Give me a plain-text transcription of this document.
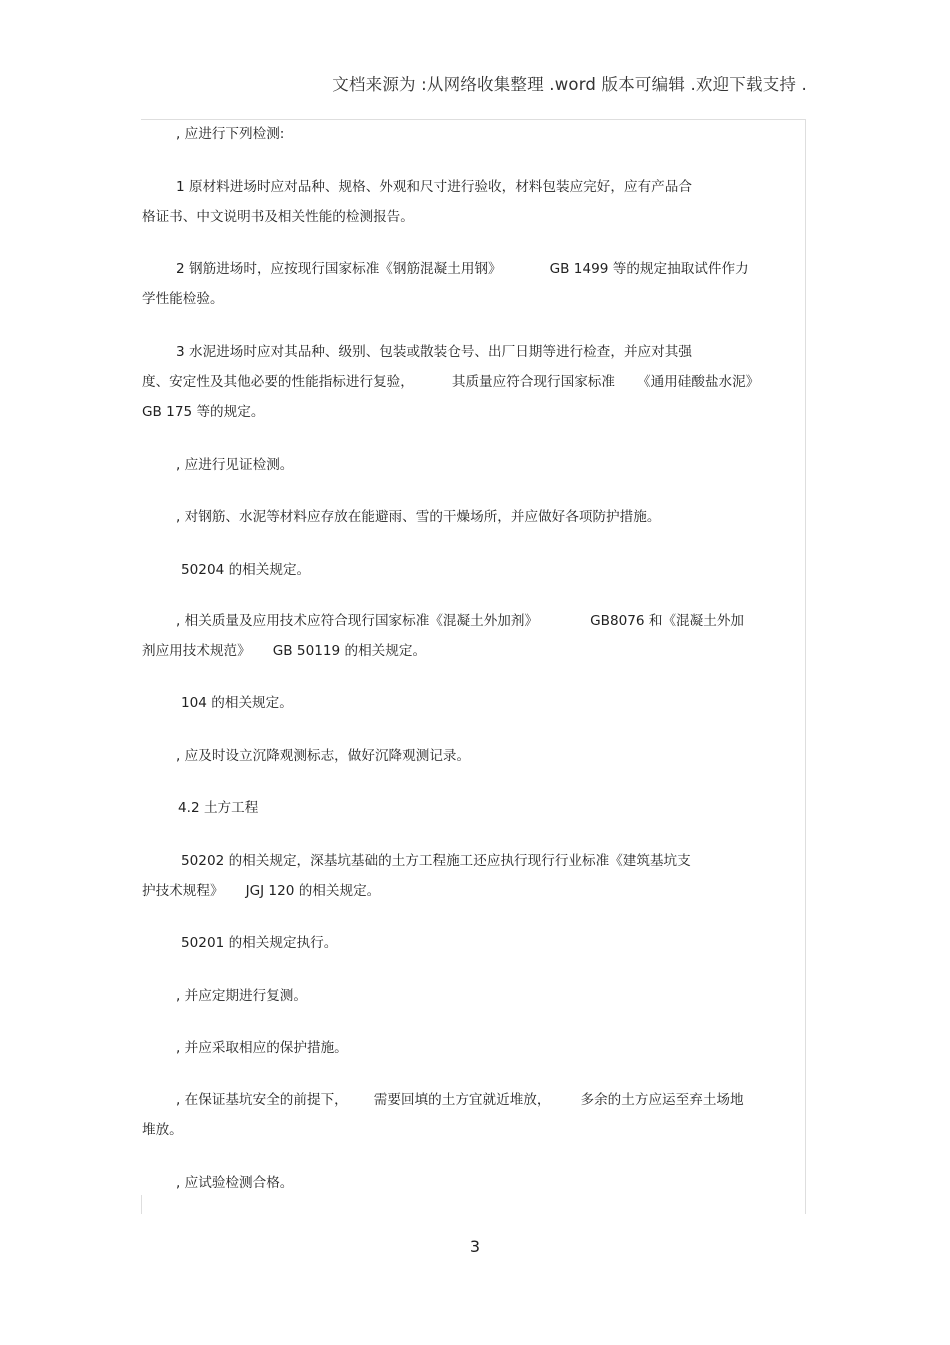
文档来源为 :从网络收集整理 .word 版本可编辑 .欢迎下载支持 .
, 应进行下列检测:
1 原材料进场时应对品种、规格、外观和尺寸进行验收，材料包装应完好，应有产品合
格证书、中文说明书及相关性能的检测报告。
2 钢筋进场时，应按现行国家标准《钢筋混凝土用钢》	GB 1499 等的规定抽取试件作力
学性能检验。
3 水泥进场时应对其品种、级别、包装或散装仓号、出厂日期等进行检查，并应对其强
度、安定性及其他必要的性能指标进行复验，	其质量应符合现行国家标准 《通用硅酸盐水泥》
GB 175 等的规定。
, 应进行见证检测。
, 对钢筋、水泥等材料应存放在能避雨、雪的干燥场所，并应做好各项防护措施。
50204 的相关规定。
, 相关质量及应用技术应符合现行国家标准《混凝土外加剂》	GB8076 和《混凝土外加
剂应用技术规范》 GB 50119 的相关规定。
104 的相关规定。
, 应及时设立沉降观测标志，做好沉降观测记录。
4.2 土方工程
50202 的相关规定，深基坑基础的土方工程施工还应执行现行行业标准《建筑基坑支
护技术规程》 JGJ 120 的相关规定。
50201 的相关规定执行。
, 并应定期进行复测。
, 并应采取相应的保护措施。
, 在保证基坑安全的前提下， 需要回填的土方宜就近堆放， 多余的土方应运至弃土场地
堆放。
, 应试验检测合格。
3
